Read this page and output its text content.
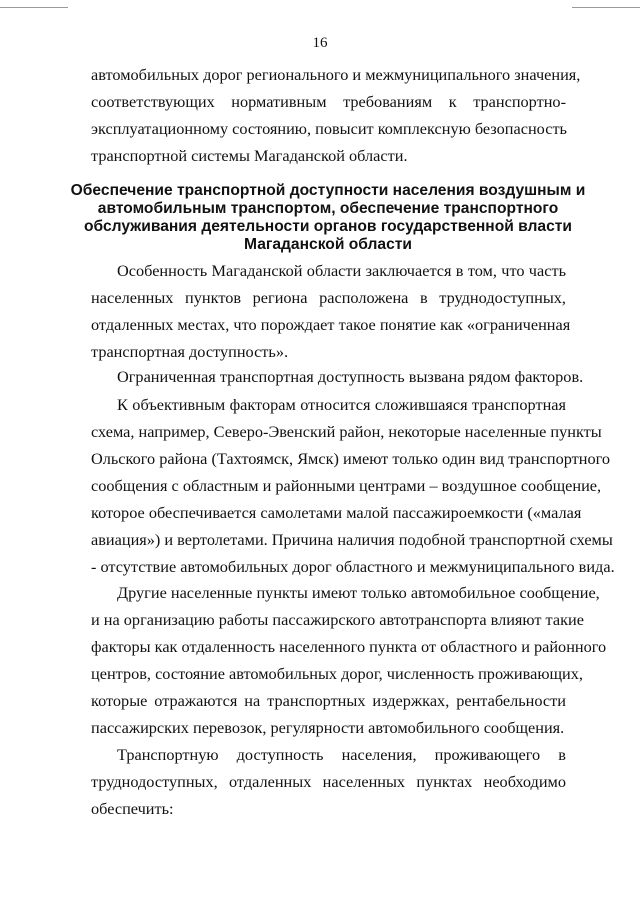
16
автомобильных дорог регионального и межмуниципального значения,
соответствующих нормативным требованиям к транспортно-
эксплуатационному состоянию, повысит комплексную безопасность
транспортной системы Магаданской области.
Обеспечение транспортной доступности населения воздушным и
автомобильным транспортом, обеспечение транспортного
обслуживания деятельности органов государственной власти
Магаданской области
Особенность Магаданской области заключается в том, что часть
населенных пунктов региона расположена в труднодоступных,
отдаленных местах, что порождает такое понятие как «ограниченная
транспортная доступность».
Ограниченная транспортная доступность вызвана рядом факторов.
К объективным факторам относится сложившаяся транспортная
схема, например, Северо-Эвенский район, некоторые населенные пункты
Ольского района (Тахтоямск, Ямск) имеют только один вид транспортного
сообщения с областным и районными центрами – воздушное сообщение,
которое обеспечивается самолетами малой пассажироемкости («малая
авиация») и вертолетами. Причина наличия подобной транспортной схемы
- отсутствие автомобильных дорог областного и межмуниципального вида.
Другие населенные пункты имеют только автомобильное сообщение,
и на организацию работы пассажирского автотранспорта влияют такие
факторы как отдаленность населенного пункта от областного и районного
центров, состояние автомобильных дорог, численность проживающих,
которые отражаются на транспортных издержках, рентабельности
пассажирских перевозок, регулярности автомобильного сообщения.
Транспортную доступность населения, проживающего в
труднодоступных, отдаленных населенных пунктах необходимо
обеспечить:
